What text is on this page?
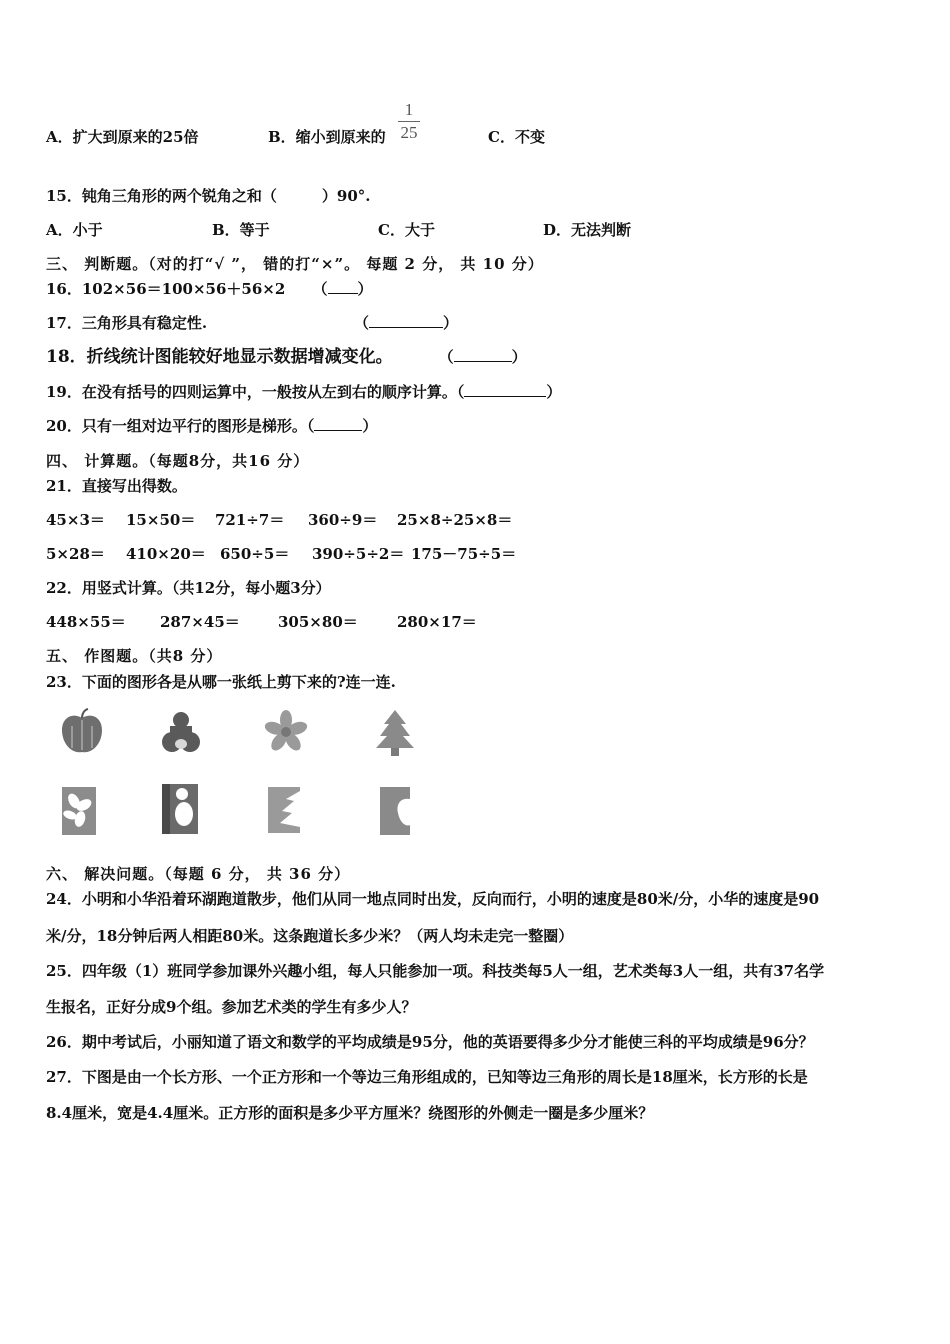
A．扩大到原来的25倍	B．缩小到原来的
1
25	C．不变
15．钝角三角形的两个锐角之和（　　　）90°.
A．小于	B．等于	C．大于	D．无法判断
三、 判断题。（对的打“√ ”， 错的打“×”。 每题 2 分， 共 10 分）
16．102×56＝100×56＋56×2 （ ）
17．三角形具有稳定性.	（	）
18．折线统计图能较好地显示数据增减变化。	（	）
19．在没有括号的四则运算中，一般按从左到右的顺序计算。（	）
20．只有一组对边平行的图形是梯形。（	）
四、 计算题。（每题8分，共16 分）
21．直接写出得数。
45×3＝ 15×50＝ 721÷7＝ 360÷9＝ 25×8÷25×8＝
5×28＝ 410×20＝ 650÷5＝ 390÷5÷2＝ 175－75÷5＝
22．用竖式计算。（共12分，每小题3分）
448×55＝ 287×45＝	305×80＝	280×17＝
五、 作图题。（共8 分）
23．下面的图形各是从哪一张纸上剪下来的?连一连.
六、 解决问题。（每题 6 分， 共 36 分）
24．小明和小华沿着环湖跑道散步，他们从同一地点同时出发，反向而行，小明的速度是80米/分，小华的速度是90
米/分，18分钟后两人相距80米。这条跑道长多少米？（两人均未走完一整圈）
25．四年级（1）班同学参加课外兴趣小组，每人只能参加一项。科技类每5人一组，艺术类每3人一组，共有37名学
生报名，正好分成9个组。参加艺术类的学生有多少人？
26．期中考试后，小丽知道了语文和数学的平均成绩是95分，他的英语要得多少分才能使三科的平均成绩是96分？
27．下图是由一个长方形、一个正方形和一个等边三角形组成的，已知等边三角形的周长是18厘米，长方形的长是
8.4厘米，宽是4.4厘米。正方形的面积是多少平方厘米？绕图形的外侧走一圈是多少厘米？
